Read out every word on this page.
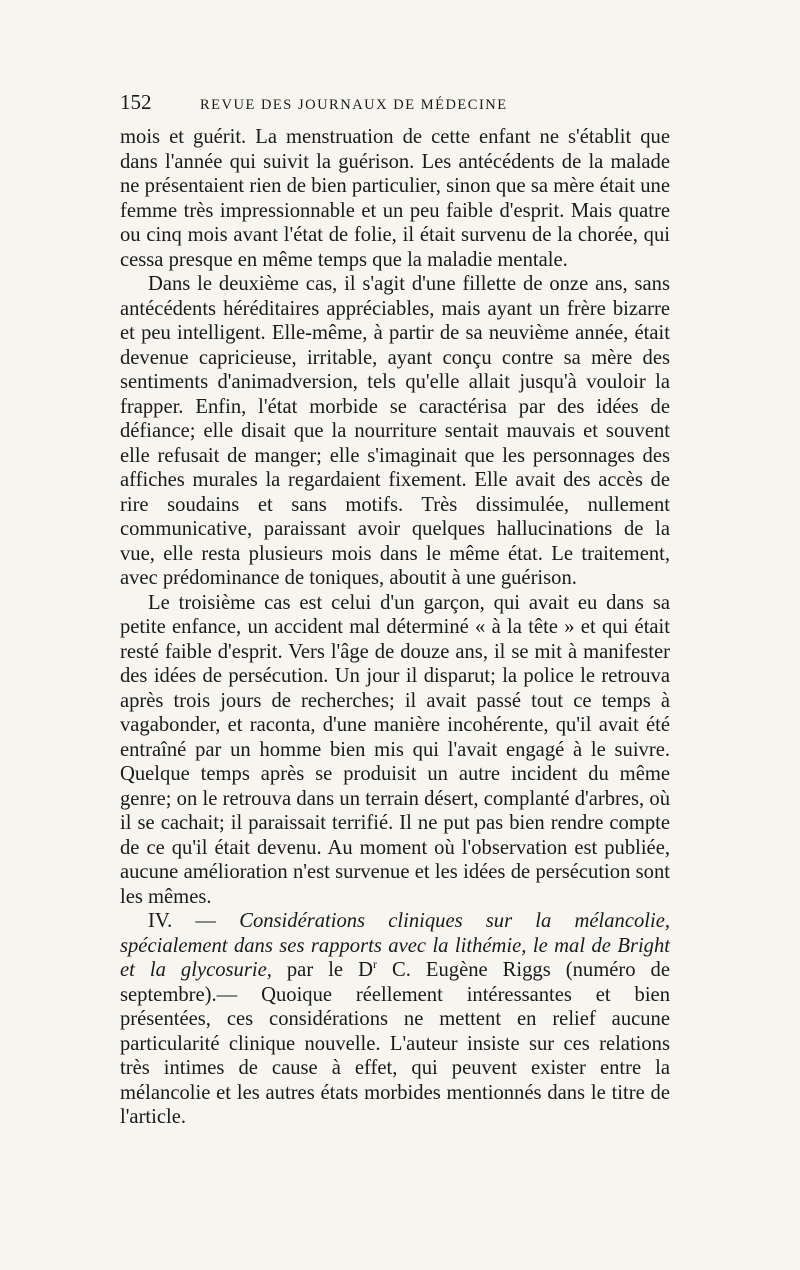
152	REVUE DES JOURNAUX DE MÉDECINE

mois et guérit. La menstruation de cette enfant ne s'établit que dans l'année qui suivit la guérison. Les antécédents de la malade ne présentaient rien de bien particulier, sinon que sa mère était une femme très impressionnable et un peu faible d'esprit. Mais quatre ou cinq mois avant l'état de folie, il était survenu de la chorée, qui cessa presque en même temps que la maladie mentale.

Dans le deuxième cas, il s'agit d'une fillette de onze ans, sans antécédents héréditaires appréciables, mais ayant un frère bizarre et peu intelligent. Elle-même, à partir de sa neuvième année, était devenue capricieuse, irritable, ayant conçu contre sa mère des sentiments d'animadversion, tels qu'elle allait jusqu'à vouloir la frapper. Enfin, l'état morbide se caractérisa par des idées de défiance; elle disait que la nourriture sentait mauvais et souvent elle refusait de manger; elle s'imaginait que les personnages des affiches murales la regardaient fixement. Elle avait des accès de rire soudains et sans motifs. Très dissimulée, nullement communicative, paraissant avoir quelques hallucinations de la vue, elle resta plusieurs mois dans le même état. Le traitement, avec prédominance de toniques, aboutit à une guérison.

Le troisième cas est celui d'un garçon, qui avait eu dans sa petite enfance, un accident mal déterminé « à la tête » et qui était resté faible d'esprit. Vers l'âge de douze ans, il se mit à manifester des idées de persécution. Un jour il disparut; la police le retrouva après trois jours de recherches; il avait passé tout ce temps à vagabonder, et raconta, d'une manière incohérente, qu'il avait été entraîné par un homme bien mis qui l'avait engagé à le suivre. Quelque temps après se produisit un autre incident du même genre; on le retrouva dans un terrain désert, complanté d'arbres, où il se cachait; il paraissait terrifié. Il ne put pas bien rendre compte de ce qu'il était devenu. Au moment où l'observation est publiée, aucune amélioration n'est survenue et les idées de persécution sont les mêmes.

IV. — Considérations cliniques sur la mélancolie, spécialement dans ses rapports avec la lithémie, le mal de Bright et la glycosurie, par le $D^r$ C. Eugène Riggs (numéro de septembre).— Quoique réellement intéressantes et bien présentées, ces considérations ne mettent en relief aucune particularité clinique nouvelle. L'auteur insiste sur ces relations très intimes de cause à effet, qui peuvent exister entre la mélancolie et les autres états morbides mentionnés dans le titre de l'article.
